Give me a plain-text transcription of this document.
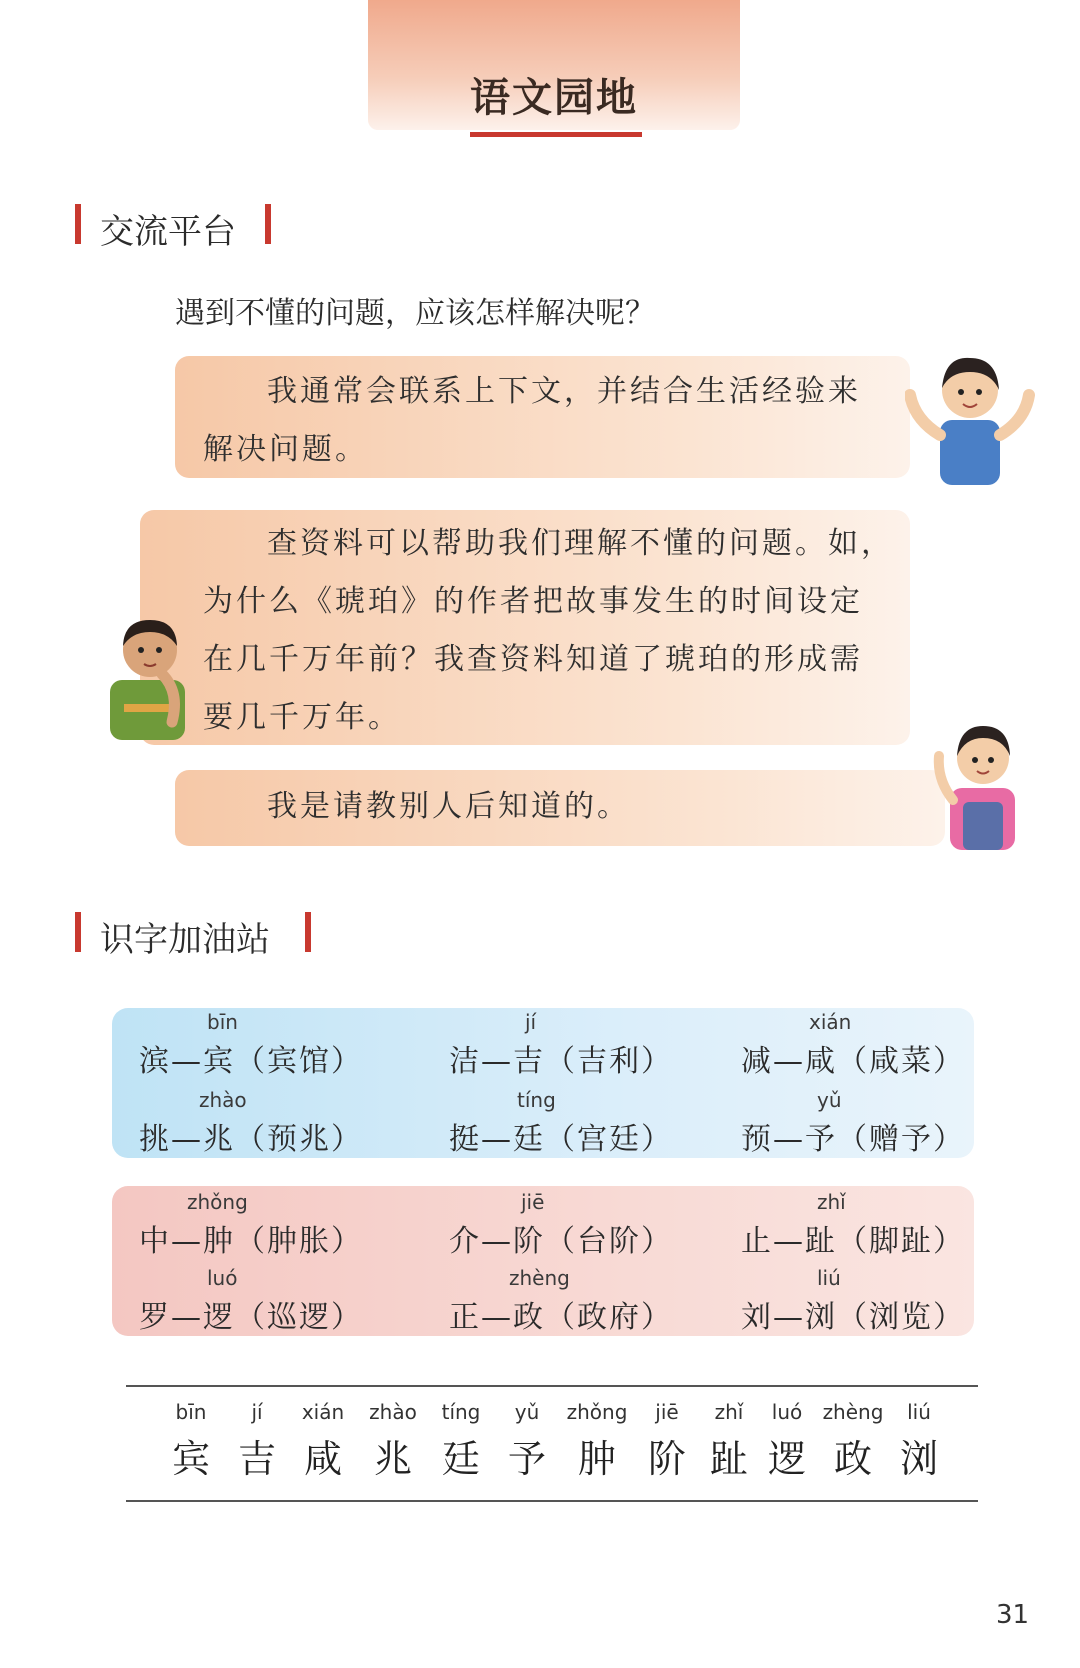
语文园地
交流平台
遇到不懂的问题，应该怎样解决呢？
我通常会联系上下文，并结合生活经验来
解决问题。
查资料可以帮助我们理解不懂的问题。如，
为什么《琥珀》的作者把故事发生的时间设定
在几千万年前？我查资料知道了琥珀的形成需
要几千万年。
我是请教别人后知道的。
识字加油站
bīn
滨—宾（宾馆）
jí
洁—吉（吉利）
xián
减—咸（咸菜）
zhào
挑—兆（预兆）
tíng
挺—廷（宫廷）
yǔ
预—予（赠予）
zhǒng
中—肿（肿胀）
jiē
介—阶（台阶）
zhǐ
止—趾（脚趾）
luó
罗—逻（巡逻）
zhèng
正—政（政府）
liú
刘—浏（浏览）
bīn
宾
jí
吉
xián
咸
zhào
兆
tíng
廷
yǔ
予
zhǒng
肿
jiē
阶
zhǐ
趾
luó
逻
zhèng
政
liú
浏
31
